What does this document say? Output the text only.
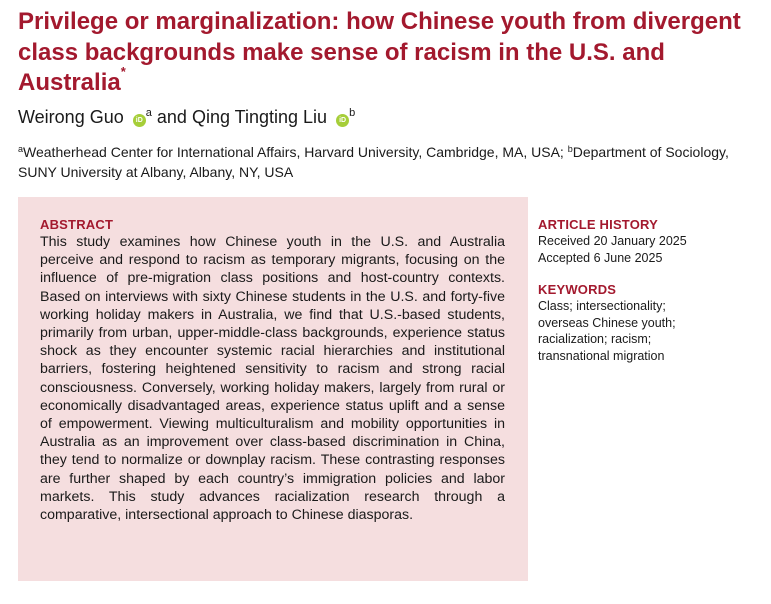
Privilege or marginalization: how Chinese youth from divergent class backgrounds make sense of racism in the U.S. and Australia*
Weirong Guo $iD^a$ and Qing Tingting Liu $iD^b$
$^a$Weatherhead Center for International Affairs, Harvard University, Cambridge, MA, USA; $^b$Department of Sociology, SUNY University at Albany, Albany, NY, USA
ABSTRACT

This study examines how Chinese youth in the U.S. and Australia perceive and respond to racism as temporary migrants, focusing on the influence of pre-migration class positions and host-country contexts. Based on interviews with sixty Chinese students in the U.S. and forty-five working holiday makers in Australia, we find that U.S.-based students, primarily from urban, upper-middle-class backgrounds, experience status shock as they encounter systemic racial hierarchies and institutional barriers, fostering heightened sensitivity to racism and strong racial consciousness. Conversely, working holiday makers, largely from rural or economically disadvantaged areas, experience status uplift and a sense of empowerment. Viewing multiculturalism and mobility opportunities in Australia as an improvement over class-based discrimination in China, they tend to normalize or downplay racism. These contrasting responses are further shaped by each country’s immigration policies and labor markets. This study advances racialization research through a comparative, intersectional approach to Chinese diasporas.

ARTICLE HISTORY
Received 20 January 2025
Accepted 6 June 2025
KEYWORDS
Class; intersectionality;
overseas Chinese youth;
racialization; racism;
transnational migration
